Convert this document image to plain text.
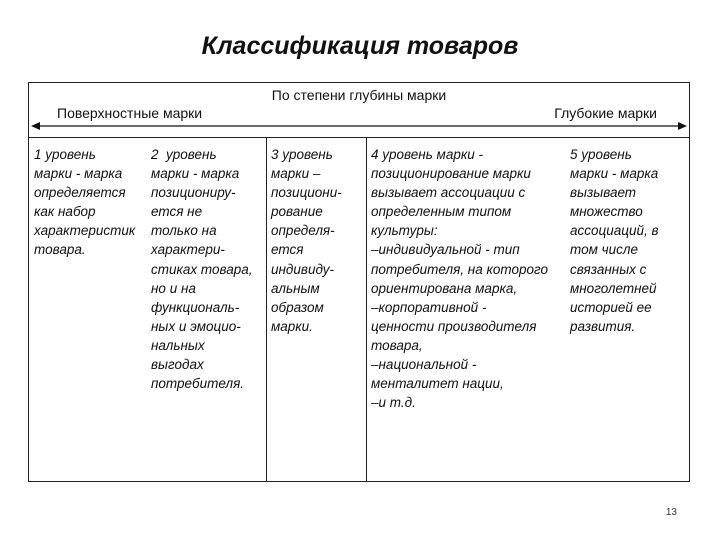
Классификация товаров
По степени глубины марки
Поверхностные марки	Глубокие марки
1 уровень
марки - марка
определяется
как набор
характеристик
товара.
2  уровень
марки - марка
позициониру-
ется не
только на
характери-
стиках товара,
но и на
функциональ-
ных и эмоцио-
нальных
выгодах
потребителя.
3 уровень
марки –
позициони-
рование
определя-
ется
индивиду-
альным
образом
марки.
4 уровень марки -
позиционирование марки
вызывает ассоциации с
определенным типом
культуры:
–индивидуальной - тип
потребителя, на которого
ориентирована марка,
–корпоративной -
ценности производителя
товара,
–национальной -
менталитет нации,
–и т.д.
5 уровень
марки - марка
вызывает
множество
ассоциаций, в
том числе
связанных с
многолетней
историей ее
развития.
13
